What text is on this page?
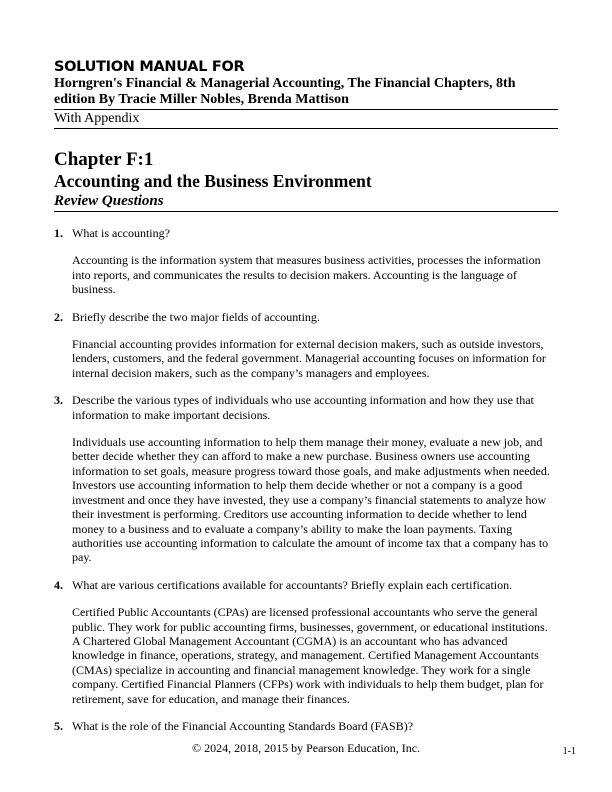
SOLUTION MANUAL FOR

Horngren's Financial & Managerial Accounting, The Financial Chapters, 8th

edition By Tracie Miller Nobles, Brenda Mattison

With Appendix

Chapter F:1

Accounting and the Business Environment

Review Questions

1. What is accounting?

Accounting is the information system that measures business activities, processes the information into reports, and communicates the results to decision makers. Accounting is the language of business.

2. Briefly describe the two major fields of accounting.

Financial accounting provides information for external decision makers, such as outside investors, lenders, customers, and the federal government. Managerial accounting focuses on information for internal decision makers, such as the company’s managers and employees.

3. Describe the various types of individuals who use accounting information and how they use that information to make important decisions.

Individuals use accounting information to help them manage their money, evaluate a new job, and better decide whether they can afford to make a new purchase. Business owners use accounting information to set goals, measure progress toward those goals, and make adjustments when needed. Investors use accounting information to help them decide whether or not a company is a good investment and once they have invested, they use a company’s financial statements to analyze how their investment is performing. Creditors use accounting information to decide whether to lend money to a business and to evaluate a company’s ability to make the loan payments. Taxing authorities use accounting information to calculate the amount of income tax that a company has to pay.

4. What are various certifications available for accountants? Briefly explain each certification.

Certified Public Accountants (CPAs) are licensed professional accountants who serve the general public. They work for public accounting firms, businesses, government, or educational institutions. A Chartered Global Management Accountant (CGMA) is an accountant who has advanced knowledge in finance, operations, strategy, and management. Certified Management Accountants (CMAs) specialize in accounting and financial management knowledge. They work for a single company. Certified Financial Planners (CFPs) work with individuals to help them budget, plan for retirement, save for education, and manage their finances.

5. What is the role of the Financial Accounting Standards Board (FASB)?

© 2024, 2018, 2015 by Pearson Education, Inc.	1-1
